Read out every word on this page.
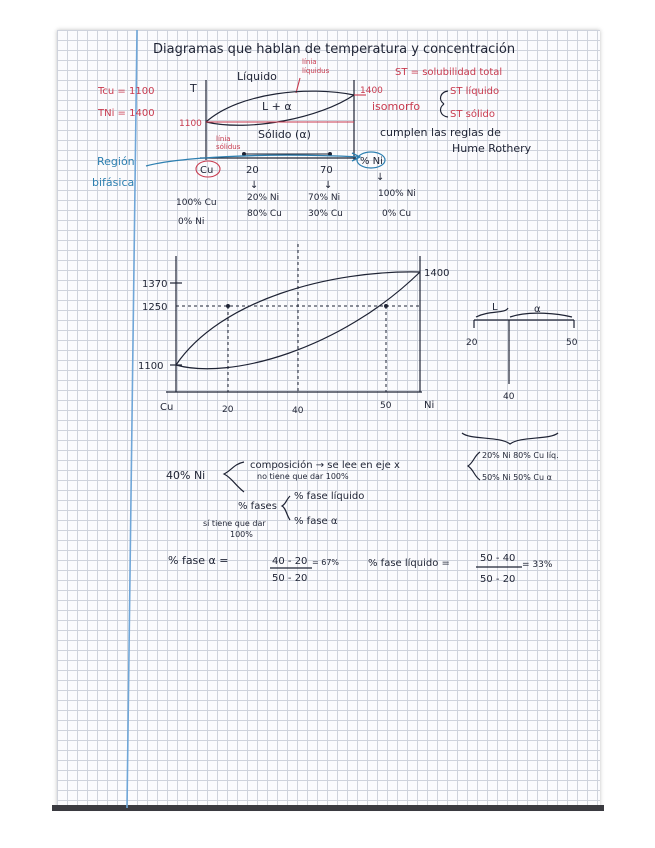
Diagramas que hablan de temperatura y concentración
T
Tcu = 1100
TNi = 1400
Líquido
línia
líquidus
L + α
Sólido (α)
línia
sólidus
1100
1400
Región
bifásica
Cu
% Ni
20	70
↓	↓
↓
100% Cu
0% Ni
20% Ni
80% Cu
70% Ni
30% Cu
100% Ni
0% Cu
ST = solubilidad total
isomorfo
ST líquido
ST sólido
cumplen las reglas de
Hume Rothery
1370
1250
1100
1400
Cu	20	40	50	Ni
L	α
20	50
40
40% Ni
composición → se lee en eje x
no tiene que dar 100%
20% Ni 80% Cu líq.
50% Ni 50% Cu α
% fases
% fase líquido
% fase α
sí tiene que dar
100%
% fase α =	40 - 20
50 - 20
= 67%	% fase líquido =	50 - 40
50 - 20
= 33%
